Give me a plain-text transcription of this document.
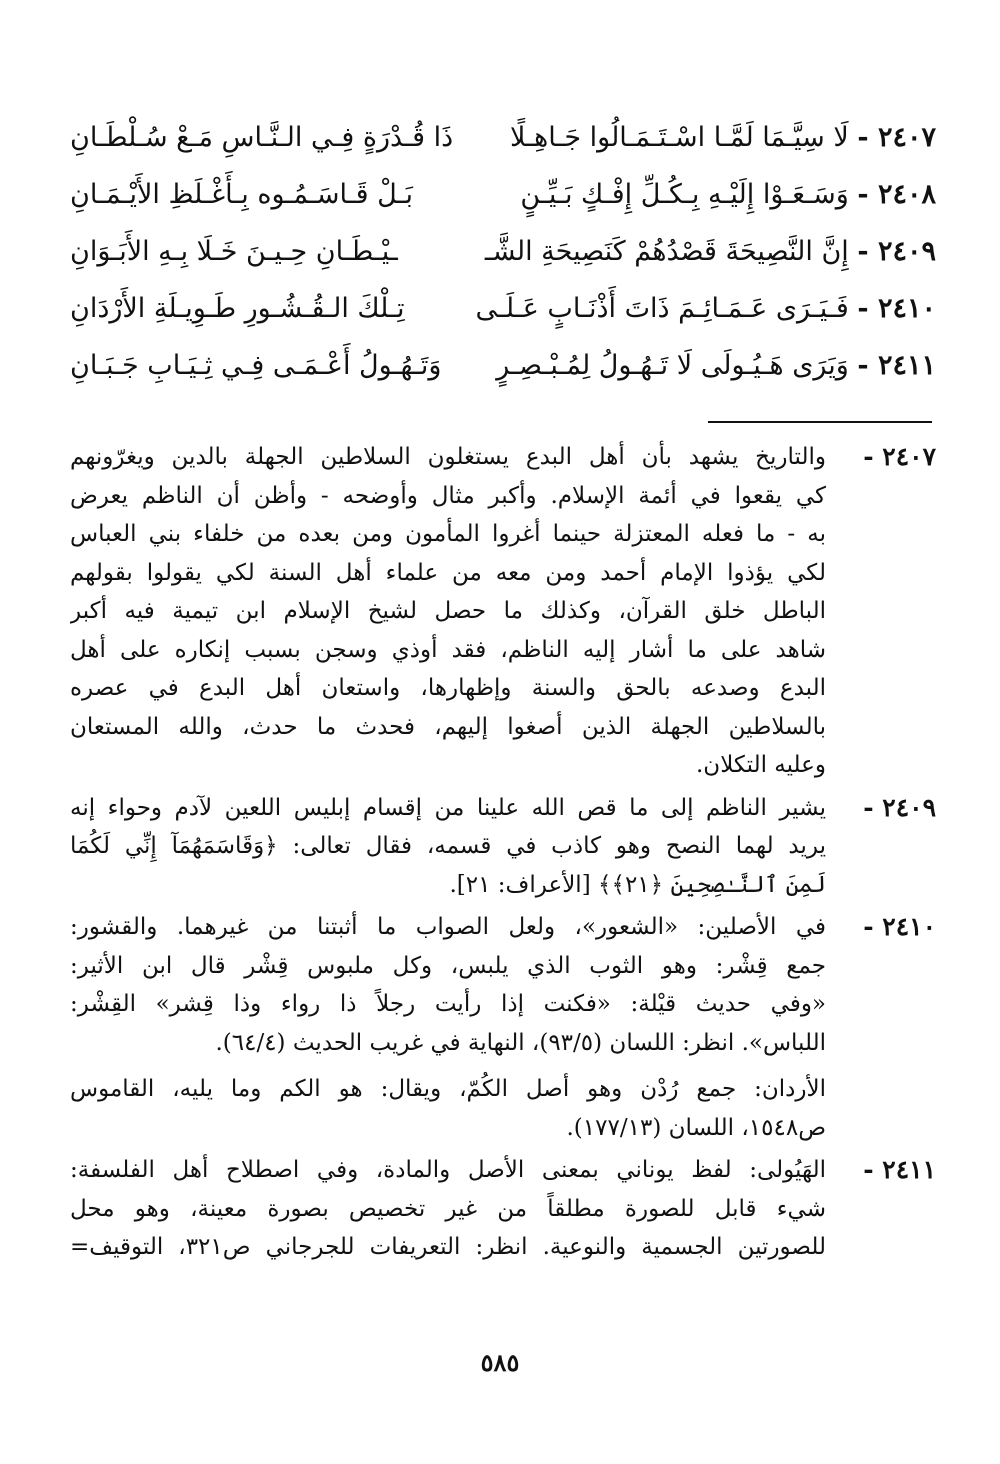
٢٤٠٧ - لَا سِيَّـمَا لَمَّـا اسْـتَـمَـالُوا جَـاهِـلًا
ذَا قُـدْرَةٍ فِـي الـنَّـاسِ مَـعْ سُـلْطَـانِ
٢٤٠٨ - وَسَـعَـوْا إِلَيْـهِ بِـكُـلِّ إِفْـكٍ بَـيِّـنٍ
بَـلْ قَـاسَـمُـوه بِـأَغْـلَظِ الأَيْـمَـانِ
٢٤٠٩ - إِنَّ النَّصِيحَةَ قَصْدُهُمْ كَنَصِيحَةِ الشَّـ
ـيْـطَـانِ حِـيـنَ خَـلَا بِـهِ الأَبَـوَانِ
٢٤١٠ - فَـيَـرَى عَـمَـائِـمَ ذَاتَ أَذْنَـابٍ عَـلَـى
تِـلْكَ الـقُـشُـورِ طَـوِيـلَةِ الأَرْدَانِ
٢٤١١ - وَيَرَى هَـيُـولَى لَا تَـهُـولُ لِمُـبْـصِـرٍ
وَتَـهُـولُ أَعْـمَـى فِـي ثِـيَـابِ جَـبَـانِ
٢٤٠٧ -
والتاريخ يشهد بأن أهل البدع يستغلون السلاطين الجهلة بالدين ويغرّونهم
كي يقعوا في أئمة الإسلام. وأكبر مثال وأوضحه - وأظن أن الناظم يعرض
به - ما فعله المعتزلة حينما أغروا المأمون ومن بعده من خلفاء بني العباس
لكي يؤذوا الإمام أحمد ومن معه من علماء أهل السنة لكي يقولوا بقولهم
الباطل خلق القرآن، وكذلك ما حصل لشيخ الإسلام ابن تيمية فيه أكبر
شاهد على ما أشار إليه الناظم، فقد أوذي وسجن بسبب إنكاره على أهل
البدع وصدعه بالحق والسنة وإظهارها، واستعان أهل البدع في عصره
بالسلاطين الجهلة الذين أصغوا إليهم، فحدث ما حدث، والله المستعان
وعليه التكلان.
٢٤٠٩ -
يشير الناظم إلى ما قص الله علينا من إقسام إبليس اللعين لآدم وحواء إنه
يريد لهما النصح وهو كاذب في قسمه، فقال تعالى: ﴿وَقَاسَمَهُمَآ إِنِّي لَكُمَا
لَمِنَ ٱلنَّـٰصِحِينَ ﴿٢١﴾﴾ [الأعراف: ٢١].
٢٤١٠ -
في الأصلين: «الشعور»، ولعل الصواب ما أثبتنا من غيرهما. والقشور:
جمع قِشْر: وهو الثوب الذي يلبس، وكل ملبوس قِشْر قال ابن الأثير:
«وفي حديث قيْلة: «فكنت إذا رأيت رجلاً ذا رواء وذا قِشر» القِشْر:
اللباس». انظر: اللسان (٩٣/٥)، النهاية في غريب الحديث (٦٤/٤).
الأردان: جمع رُدْن وهو أصل الكُمّ، ويقال: هو الكم وما يليه، القاموس
ص١٥٤٨، اللسان (١٧٧/١٣).
٢٤١١ -
الهَيُولى: لفظ يوناني بمعنى الأصل والمادة، وفي اصطلاح أهل الفلسفة:
شيء قابل للصورة مطلقاً من غير تخصيص بصورة معينة، وهو محل
للصورتين الجسمية والنوعية. انظر: التعريفات للجرجاني ص٣٢١، التوقيف=
٥٨٥
